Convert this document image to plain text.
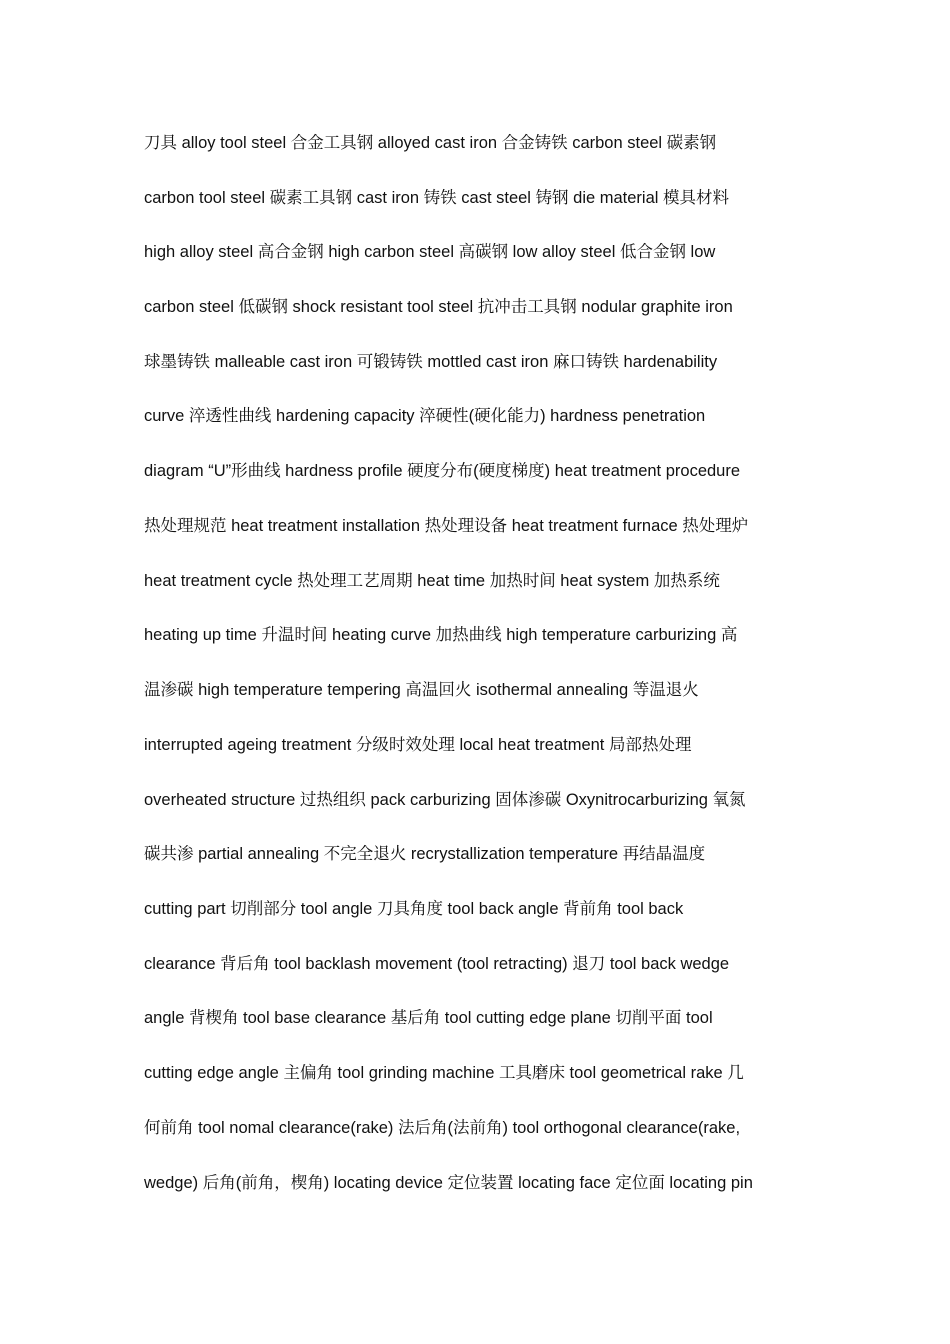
刀具 alloy tool steel 合金工具钢 alloyed cast iron 合金铸铁 carbon steel 碳素钢
carbon tool steel 碳素工具钢 cast iron 铸铁 cast steel 铸钢 die material 模具材料
high alloy steel 高合金钢 high carbon steel 高碳钢 low alloy steel 低合金钢 low
carbon steel 低碳钢 shock resistant tool steel 抗冲击工具钢 nodular graphite iron
球墨铸铁 malleable cast iron 可锻铸铁 mottled cast iron 麻口铸铁 hardenability
curve 淬透性曲线 hardening capacity 淬硬性(硬化能力) hardness penetration
diagram “U”形曲线 hardness profile 硬度分布(硬度梯度) heat treatment procedure
热处理规范 heat treatment installation 热处理设备 heat treatment furnace 热处理炉
heat treatment cycle 热处理工艺周期 heat time 加热时间 heat system 加热系统
heating up time 升温时间 heating curve 加热曲线 high temperature carburizing 高
温渗碳 high temperature tempering 高温回火 isothermal annealing 等温退火
interrupted ageing treatment 分级时效处理 local heat treatment 局部热处理
overheated structure 过热组织 pack carburizing 固体渗碳 Oxynitrocarburizing 氧氮
碳共渗 partial annealing 不完全退火 recrystallization temperature 再结晶温度
cutting part 切削部分 tool angle 刀具角度 tool back angle 背前角 tool back
clearance 背后角 tool backlash movement (tool retracting) 退刀 tool back wedge
angle 背楔角 tool base clearance 基后角 tool cutting edge plane 切削平面 tool
cutting edge angle 主偏角 tool grinding machine 工具磨床 tool geometrical rake 几
何前角 tool nomal clearance(rake) 法后角(法前角) tool orthogonal clearance(rake,
wedge) 后角(前角，楔角) locating device 定位装置 locating face 定位面 locating pin
